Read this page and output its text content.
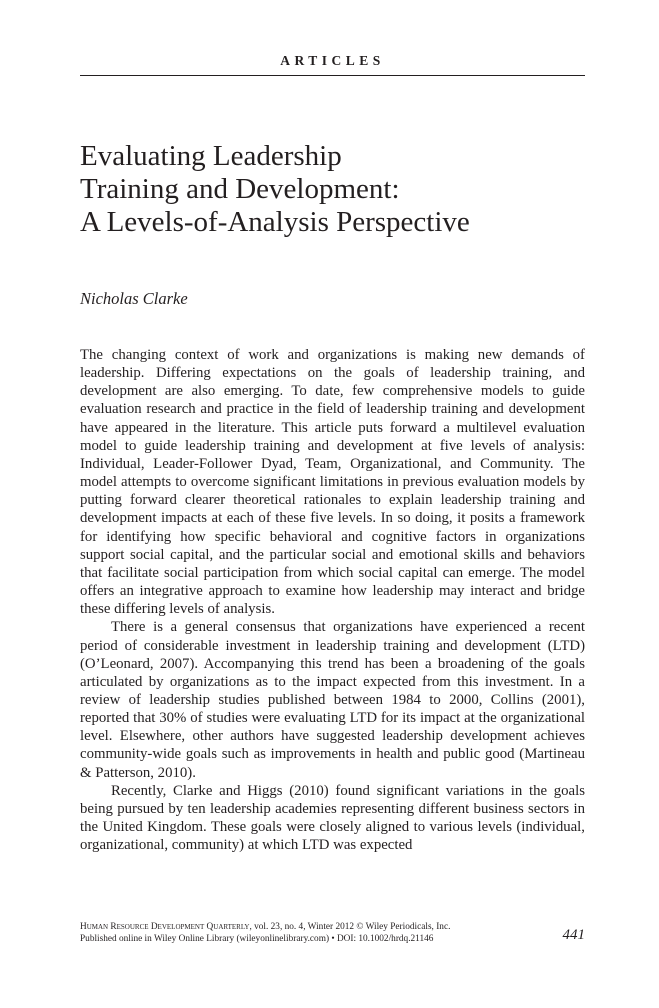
ARTICLES
Evaluating Leadership
Training and Development:
A Levels-of-Analysis Perspective

Nicholas Clarke

The changing context of work and organizations is making new demands of leadership. Differing expectations on the goals of leadership training, and development are also emerging. To date, few comprehensive models to guide evaluation research and practice in the field of leadership training and development have appeared in the literature. This article puts forward a multilevel evaluation model to guide leadership training and development at five levels of analysis: Individual, Leader-Follower Dyad, Team, Organizational, and Community. The model attempts to overcome significant limitations in previous evaluation models by putting forward clearer theoretical rationales to explain leadership training and development impacts at each of these five levels. In so doing, it posits a framework for identifying how specific behavioral and cognitive factors in organizations support social capital, and the particular social and emotional skills and behaviors that facilitate social participation from which social capital can emerge. The model offers an integrative approach to examine how leadership may interact and bridge these differing levels of analysis.

There is a general consensus that organizations have experienced a recent period of considerable investment in leadership training and development (LTD) (O’Leonard, 2007). Accompanying this trend has been a broadening of the goals articulated by organizations as to the impact expected from this investment. In a review of leadership studies published between 1984 to 2000, Collins (2001), reported that 30% of studies were evaluating LTD for its impact at the organizational level. Elsewhere, other authors have suggested leadership development achieves community-wide goals such as improvements in health and public good (Martineau & Patterson, 2010).

Recently, Clarke and Higgs (2010) found significant variations in the goals being pursued by ten leadership academies representing different business sectors in the United Kingdom. These goals were closely aligned to various levels (individual, organizational, community) at which LTD was expected

Human Resource Development Quarterly, vol. 23, no. 4, Winter 2012 © Wiley Periodicals, Inc.
Published online in Wiley Online Library (wileyonlinelibrary.com) • DOI: 10.1002/hrdq.21146	441
